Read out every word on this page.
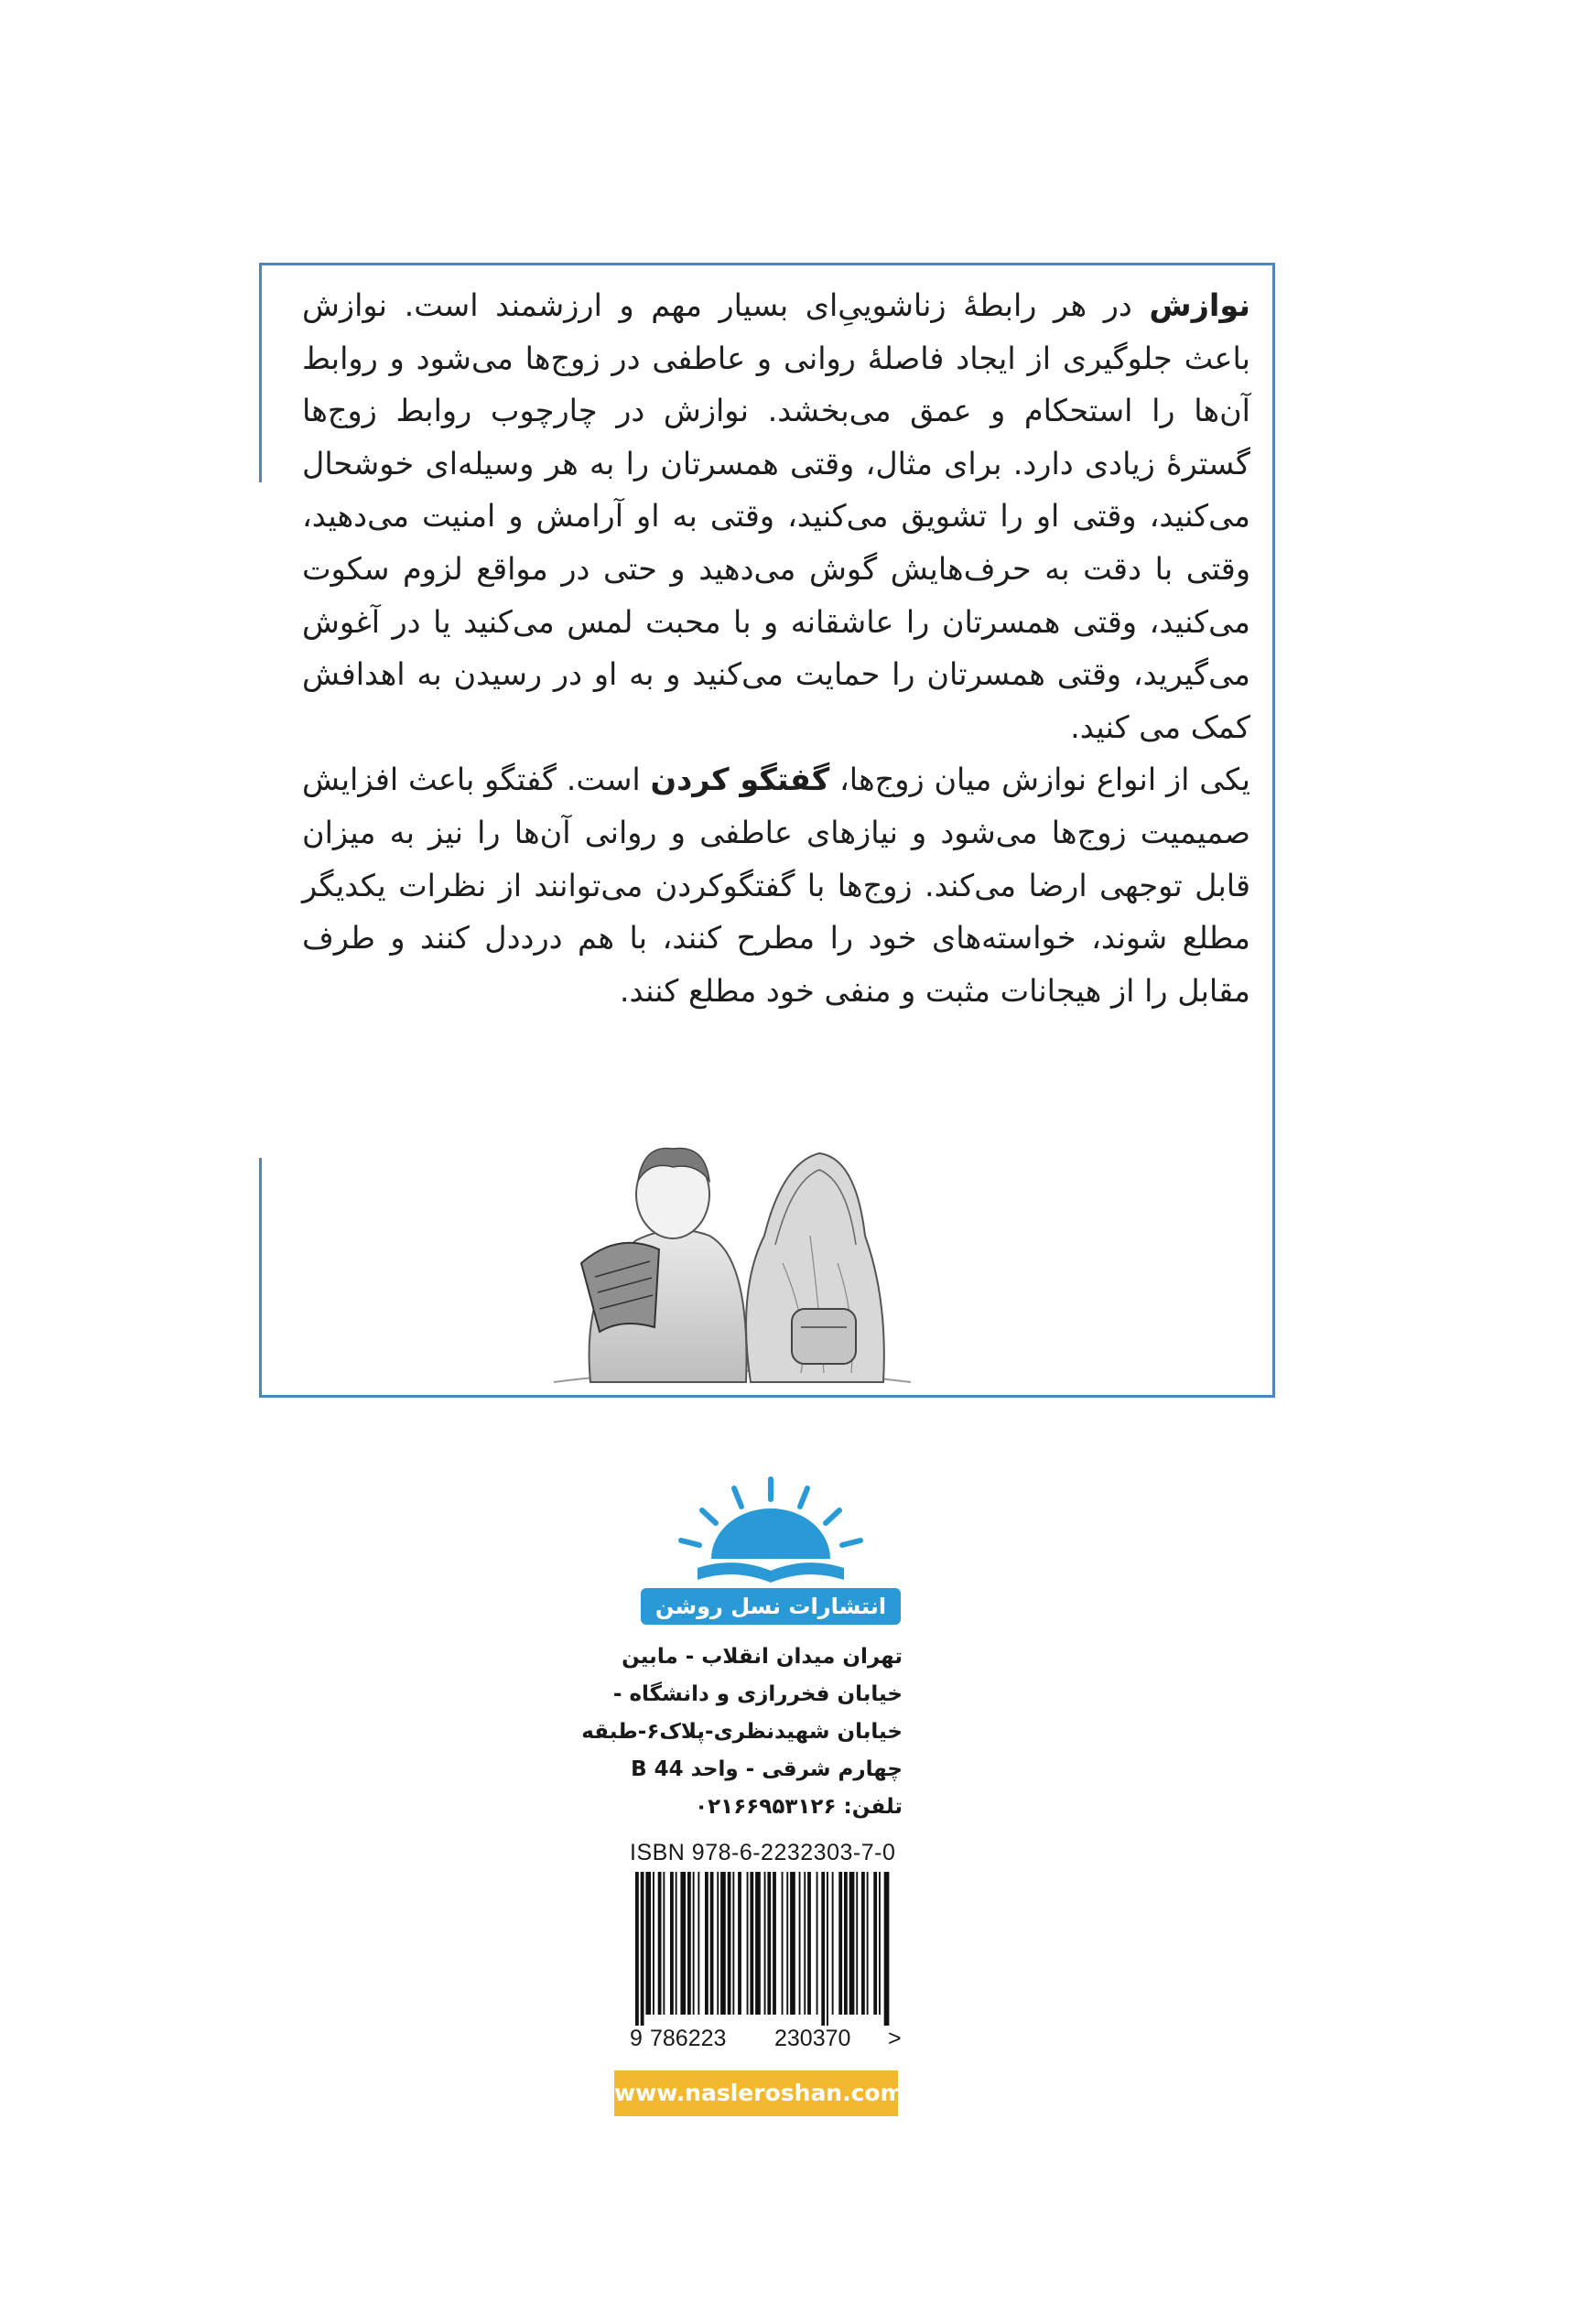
نوازش در هر رابطهٔ زناشوییِ‌ای بسیار مهم و ارزشمند است. نوازش باعث جلوگیری از ایجاد فاصلهٔ روانی و عاطفی در زوج‌ها می‌شود و روابط آن‌ها را استحکام و عمق می‌بخشد. نوازش در چارچوب روابط زوج‌ها گسترهٔ زیادی دارد. برای مثال، وقتی همسرتان را به هر وسیله‌ای خوشحال می‌کنید، وقتی او را تشویق می‌کنید، وقتی به او آرامش و امنیت می‌دهید، وقتی با دقت به حرف‌هایش گوش می‌دهید و حتی در مواقع لزوم سکوت می‌کنید، وقتی همسرتان را عاشقانه و با محبت لمس می‌کنید یا در آغوش می‌گیرید، وقتی همسرتان را حمایت می‌کنید و به او در رسیدن به اهدافش کمک می کنید.

یکی از انواع نوازش میان زوج‌ها، گفتگو کردن است. گفتگو باعث افزایش صمیمیت زوج‌ها می‌شود و نیازهای عاطفی و روانی آن‌ها را نیز به میزان قابل توجهی ارضا می‌کند. زوج‌ها با گفتگوکردن می‌توانند از نظرات یکدیگر مطلع شوند، خواسته‌های خود را مطرح کنند، با هم درددل کنند و طرف مقابل را از هیجانات مثبت و منفی خود مطلع کنند.

انتشارات نسل روشن
تهران میدان انقلاب - مابین
خیابان فخررازی و دانشگاه -
خیابان شهیدنظری-پلاک۶-طبقه
چهارم شرقی - واحد 44 B
تلفن: ۰۲۱۶۶۹۵۳۱۲۶
ISBN 978-6-2232303-7-0
9 786223 230370 >
www.nasleroshan.com
